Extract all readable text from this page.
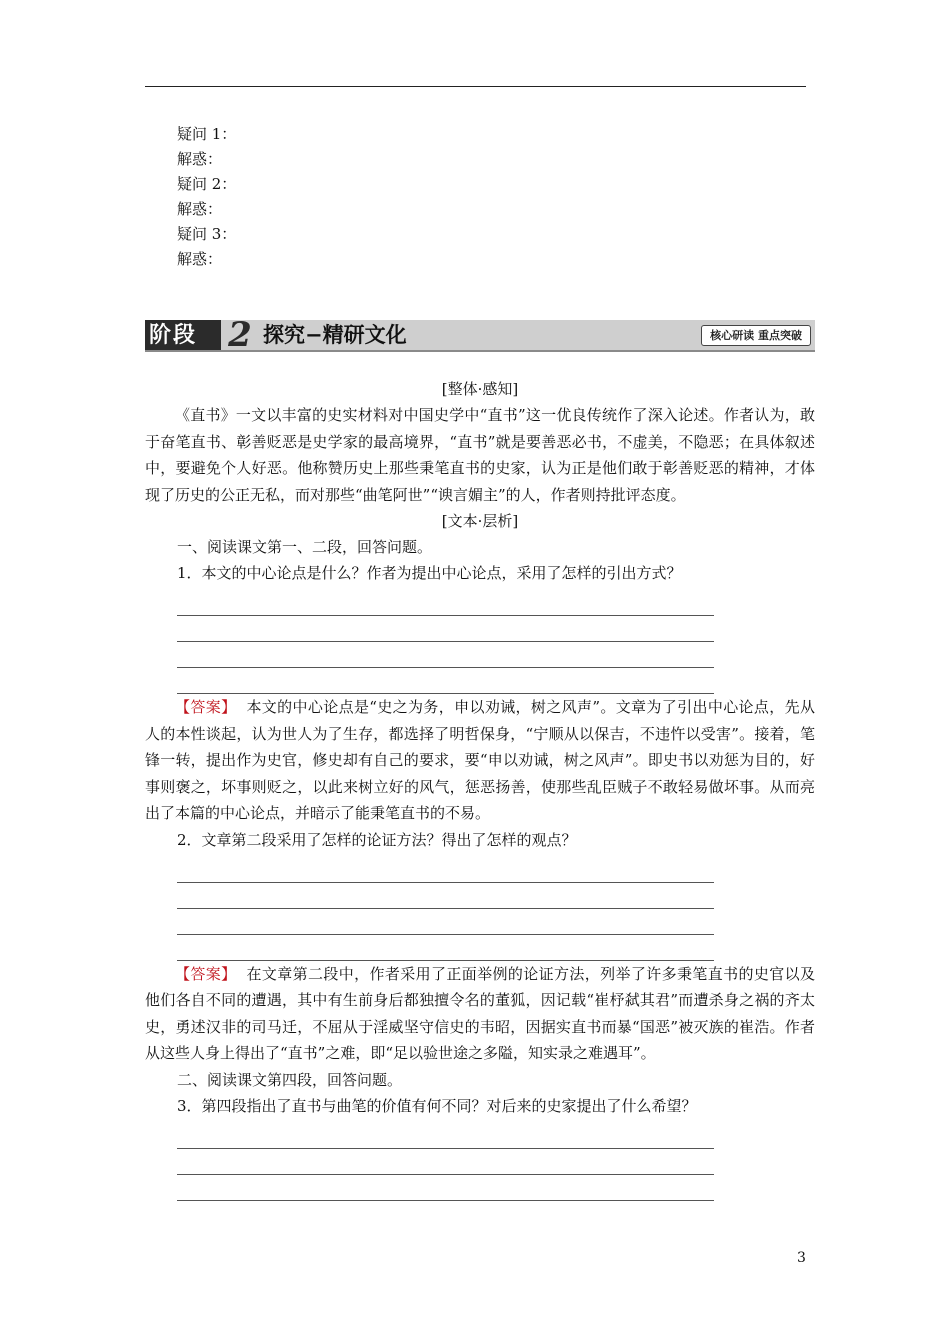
疑问 1：
解惑：
疑问 2：
解惑：
疑问 3：
解惑：
阶段 2 探究−精研文化	核心研读 重点突破
[整体·感知]

《直书》一文以丰富的史实材料对中国史学中“直书”这一优良传统作了深入论述。作者认为，敢于奋笔直书、彰善贬恶是史学家的最高境界，“直书”就是要善恶必书，不虚美，不隐恶；在具体叙述中，要避免个人好恶。他称赞历史上那些秉笔直书的史家，认为正是他们敢于彰善贬恶的精神，才体现了历史的公正无私，而对那些“曲笔阿世”“谀言媚主”的人，作者则持批评态度。

[文本·层析]

一、阅读课文第一、二段，回答问题。

1．本文的中心论点是什么？作者为提出中心论点，采用了怎样的引出方式？

【答案】 本文的中心论点是“史之为务，申以劝诫，树之风声”。文章为了引出中心论点，先从人的本性谈起，认为世人为了生存，都选择了明哲保身，“宁顺从以保吉，不违忤以受害”。接着，笔锋一转，提出作为史官，修史却有自己的要求，要“申以劝诫，树之风声”。即史书以劝惩为目的，好事则褒之，坏事则贬之，以此来树立好的风气，惩恶扬善，使那些乱臣贼子不敢轻易做坏事。从而亮出了本篇的中心论点，并暗示了能秉笔直书的不易。

2．文章第二段采用了怎样的论证方法？得出了怎样的观点？

【答案】 在文章第二段中，作者采用了正面举例的论证方法，列举了许多秉笔直书的史官以及他们各自不同的遭遇，其中有生前身后都独擅令名的董狐，因记载“崔杼弑其君”而遭杀身之祸的齐太史，勇述汉非的司马迁，不屈从于淫威坚守信史的韦昭，因据实直书而暴“国恶”被灭族的崔浩。作者从这些人身上得出了“直书”之难，即“足以验世途之多隘，知实录之难遇耳”。

二、阅读课文第四段，回答问题。

3．第四段指出了直书与曲笔的价值有何不同？对后来的史家提出了什么希望？

3
